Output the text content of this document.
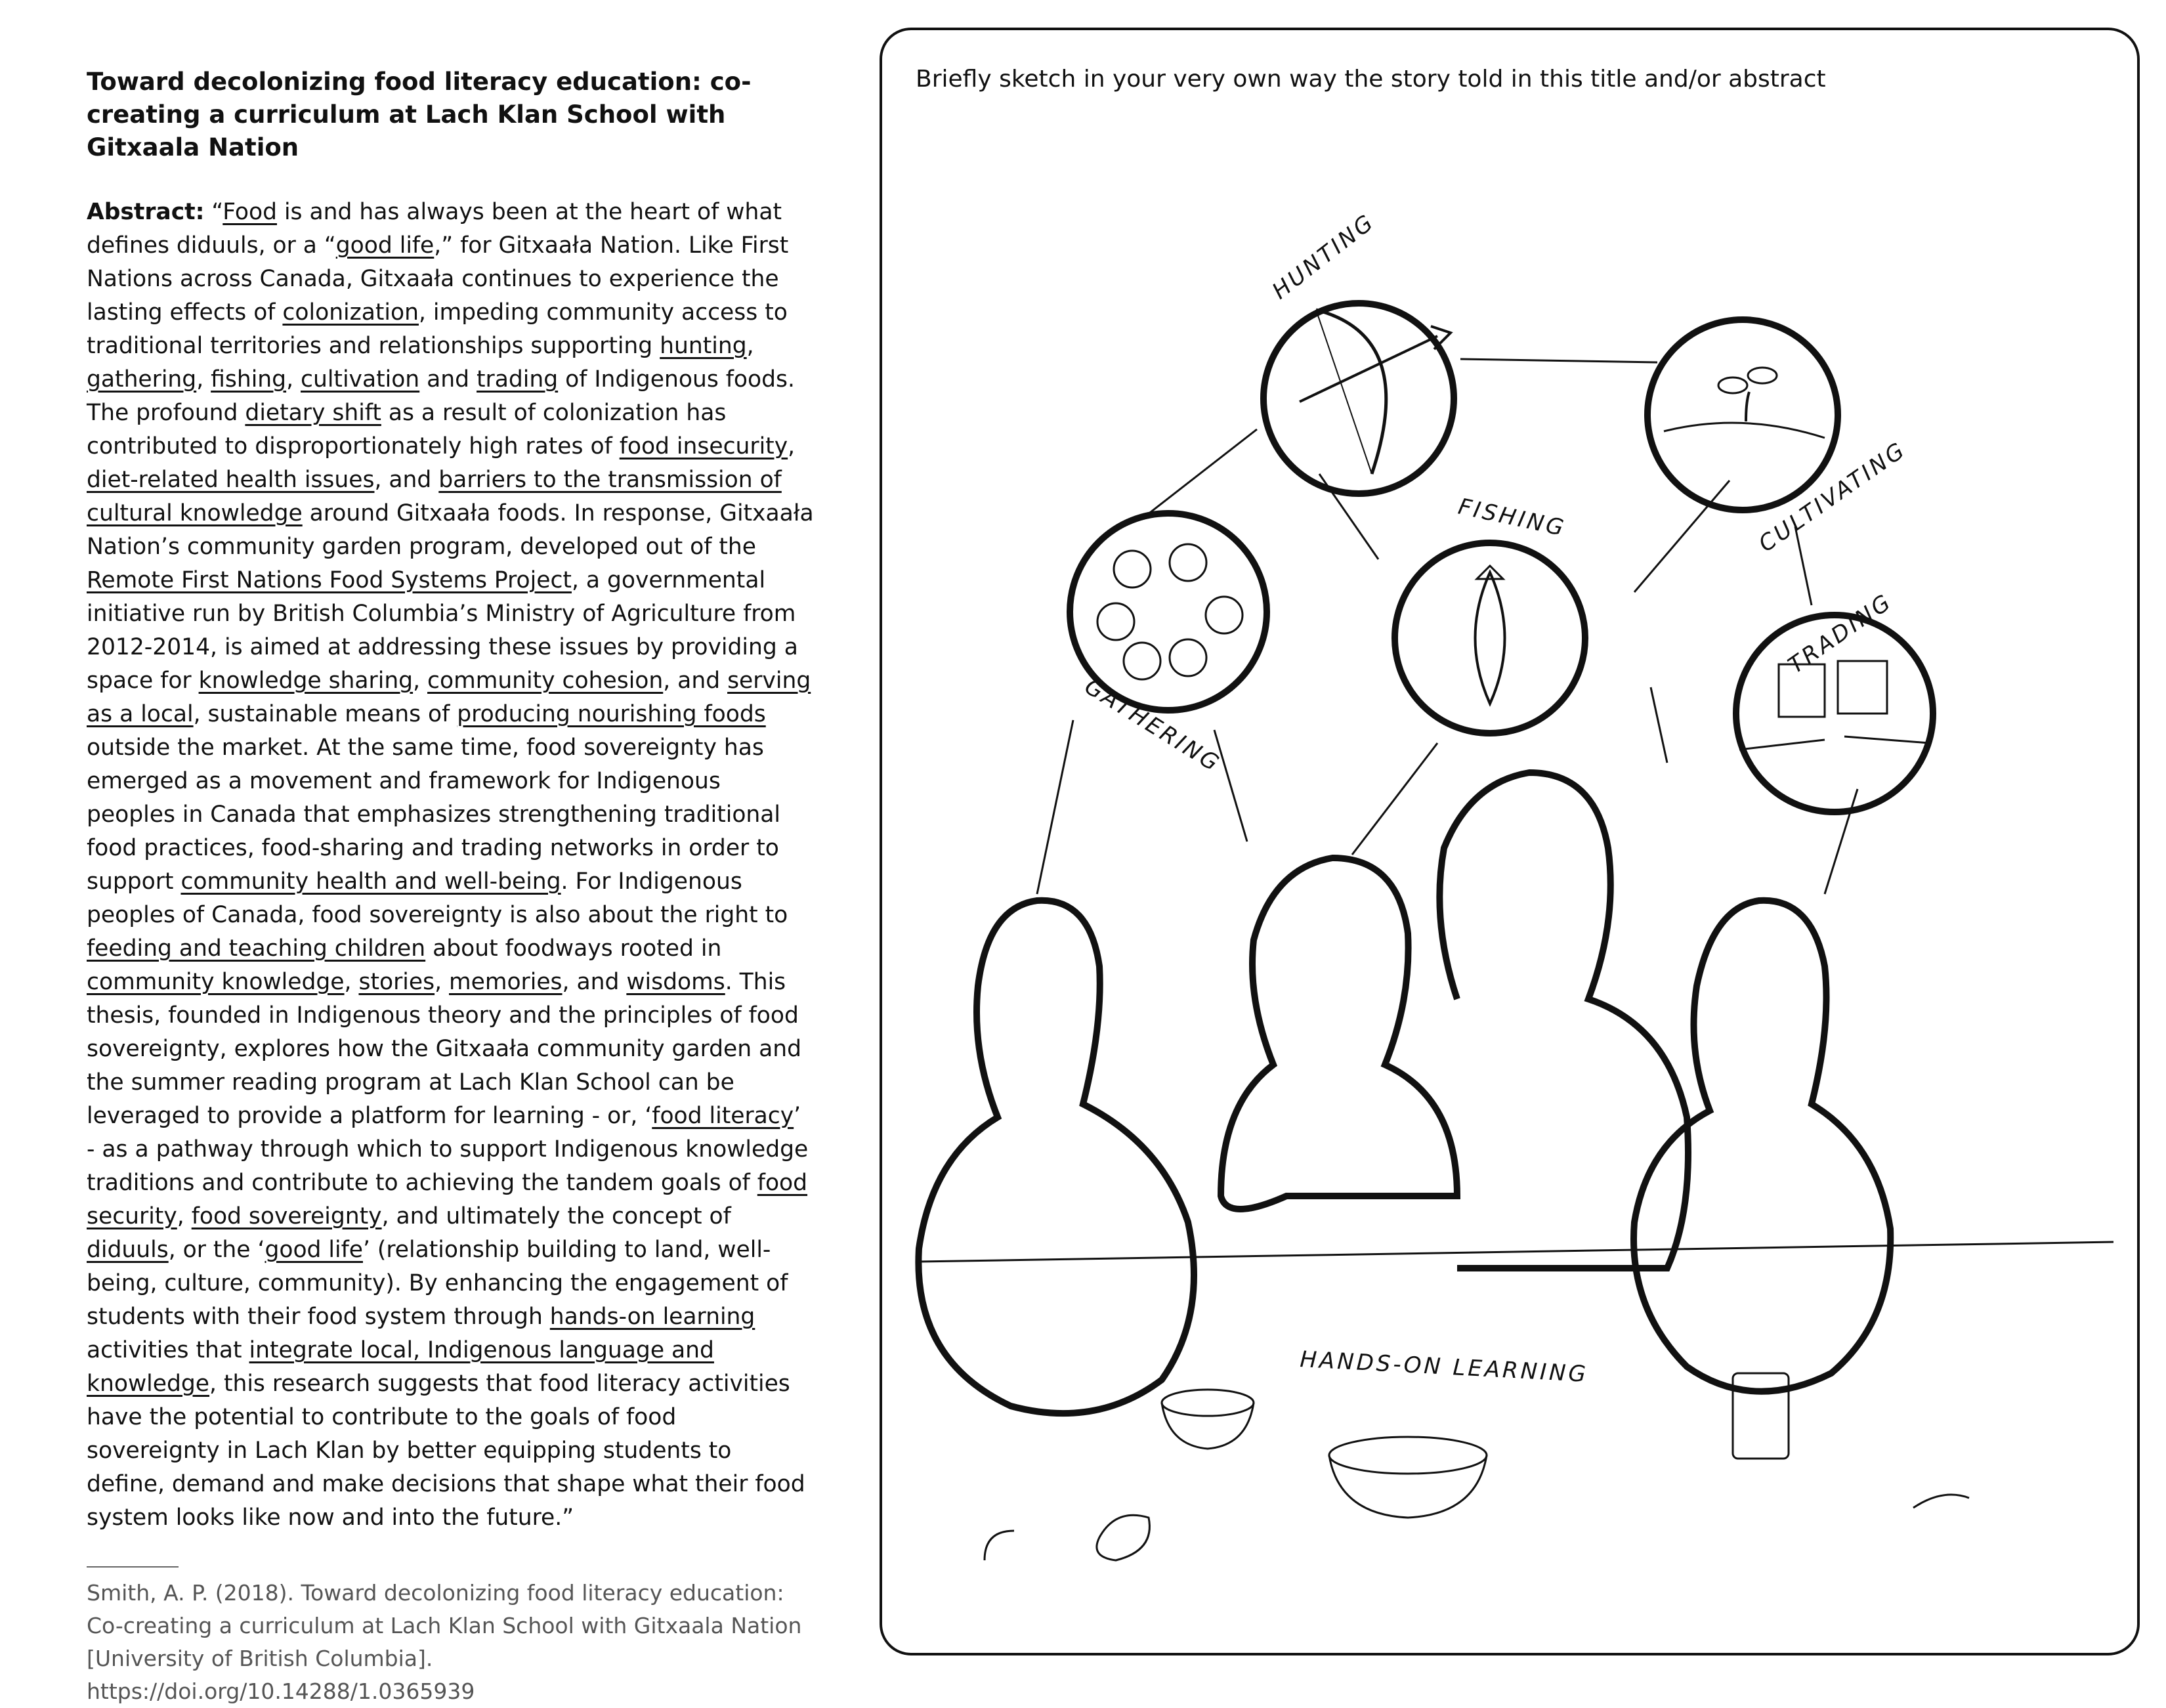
Toward decolonizing food literacy education: co-creating a curriculum at Lach Klan School with Gitxaala Nation

Abstract: “Food is and has always been at the heart of what defines diduuls, or a “good life,” for Gitxaała Nation. Like First Nations across Canada, Gitxaała continues to experience the lasting effects of colonization, impeding community access to traditional territories and relationships supporting hunting, gathering, fishing, cultivation and trading of Indigenous foods. The profound dietary shift as a result of colonization has contributed to disproportionately high rates of food insecurity, diet-related health issues, and barriers to the transmission of cultural knowledge around Gitxaała foods. In response, Gitxaała Nation’s community garden program, developed out of the Remote First Nations Food Systems Project, a governmental initiative run by British Columbia’s Ministry of Agriculture from 2012-2014, is aimed at addressing these issues by providing a space for knowledge sharing, community cohesion, and serving as a local, sustainable means of producing nourishing foods outside the market. At the same time, food sovereignty has emerged as a movement and framework for Indigenous peoples in Canada that emphasizes strengthening traditional food practices, food-sharing and trading networks in order to support community health and well-being. For Indigenous peoples of Canada, food sovereignty is also about the right to feeding and teaching children about foodways rooted in community knowledge, stories, memories, and wisdoms. This thesis, founded in Indigenous theory and the principles of food sovereignty, explores how the Gitxaała community garden and the summer reading program at Lach Klan School can be leveraged to provide a platform for learning - or, ‘food literacy’ - as a pathway through which to support Indigenous knowledge traditions and contribute to achieving the tandem goals of food security, food sovereignty, and ultimately the concept of diduuls, or the ‘good life’ (relationship building to land, well-being, culture, community). By enhancing the engagement of students with their food system through hands-on learning activities that integrate local, Indigenous language and knowledge, this research suggests that food literacy activities have the potential to contribute to the goals of food sovereignty in Lach Klan by better equipping students to define, demand and make decisions that shape what their food system looks like now and into the future.”

Smith, A. P. (2018). Toward decolonizing food literacy education: Co-creating a curriculum at Lach Klan School with Gitxaala Nation [University of British Columbia]. https://doi.org/10.14288/1.0365939

Briefly sketch in your very own way the story told in this title and/or abstract
HUNTING
CULTIVATING
GATHERING
FISHING
TRADING
HANDS-ON LEARNING
